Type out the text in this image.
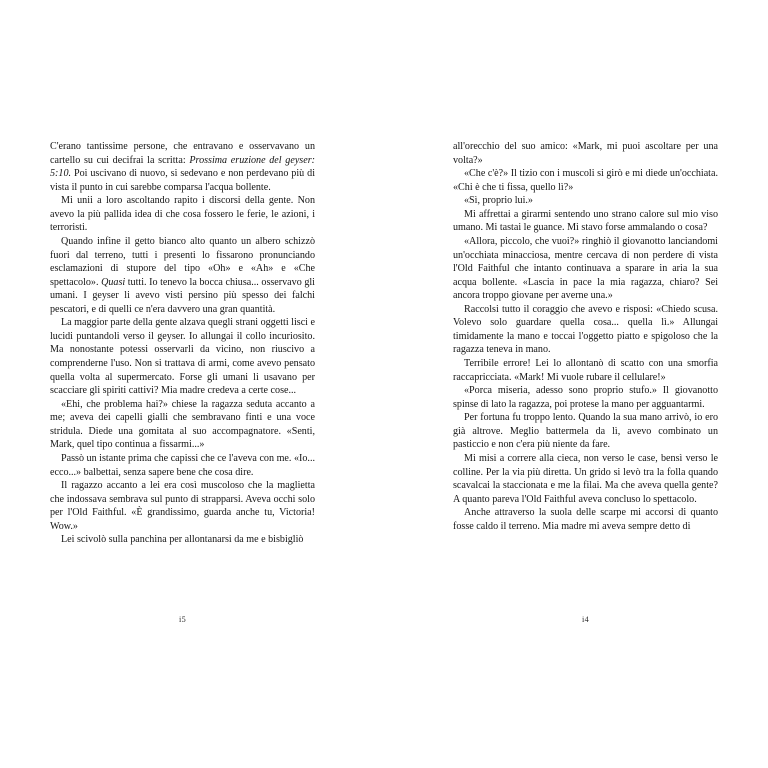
C'erano tantissime persone, che entravano e osservavano un cartello su cui decifrai la scritta: Prossima eruzione del geyser: 5:10. Poi uscivano di nuovo, si sedevano e non perdevano più di vista il punto in cui sarebbe comparsa l'acqua bollente.

Mi unii a loro ascoltando rapito i discorsi della gente. Non avevo la più pallida idea di che cosa fossero le ferie, le azioni, i terroristi.

Quando infine il getto bianco alto quanto un albero schizzò fuori dal terreno, tutti i presenti lo fissarono pronunciando esclamazioni di stupore del tipo «Oh» e «Ah» e «Che spettacolo». Quasi tutti. Io tenevo la bocca chiusa... osservavo gli umani. I geyser li avevo visti persino più spesso dei falchi pescatori, e di quelli ce n'era davvero una gran quantità.

La maggior parte della gente alzava quegli strani oggetti lisci e lucidi puntandoli verso il geyser. Io allungai il collo incuriosito. Ma nonostante potessi osservarli da vicino, non riuscivo a comprenderne l'uso. Non si trattava di armi, come avevo pensato quella volta al supermercato. Forse gli umani li usavano per scacciare gli spiriti cattivi? Mia madre credeva a certe cose...

«Ehi, che problema hai?» chiese la ragazza seduta accanto a me; aveva dei capelli gialli che sembravano finti e una voce stridula. Diede una gomitata al suo accompagnatore. «Senti, Mark, quel tipo continua a fissarmi...»

Passò un istante prima che capissi che ce l'aveva con me. «Io... ecco...» balbettai, senza sapere bene che cosa dire.

Il ragazzo accanto a lei era così muscoloso che la maglietta che indossava sembrava sul punto di strapparsi. Aveva occhi solo per l'Old Faithful. «È grandissimo, guarda anche tu, Victoria! Wow.»

Lei scivolò sulla panchina per allontanarsi da me e bisbigliò

i5

all'orecchio del suo amico: «Mark, mi puoi ascoltare per una volta?»

«Che c'è?» Il tizio con i muscoli si girò e mi diede un'occhiata. «Chi è che ti fissa, quello lì?»

«Sì, proprio lui.»

Mi affrettai a girarmi sentendo uno strano calore sul mio viso umano. Mi tastai le guance. Mi stavo forse ammalando o cosa?

«Allora, piccolo, che vuoi?» ringhiò il giovanotto lanciandomi un'occhiata minacciosa, mentre cercava di non perdere di vista l'Old Faithful che intanto continuava a sparare in aria la sua acqua bollente. «Lascia in pace la mia ragazza, chiaro? Sei ancora troppo giovane per averne una.»

Raccolsi tutto il coraggio che avevo e risposi: «Chiedo scusa. Volevo solo guardare quella cosa... quella lì.» Allungai timidamente la mano e toccai l'oggetto piatto e spigoloso che la ragazza teneva in mano.

Terribile errore! Lei lo allontanò di scatto con una smorfia raccapricciata. «Mark! Mi vuole rubare il cellulare!»

«Porca miseria, adesso sono proprio stufo.» Il giovanotto spinse di lato la ragazza, poi protese la mano per agguantarmi.

Per fortuna fu troppo lento. Quando la sua mano arrivò, io ero già altrove. Meglio battermela da lì, avevo combinato un pasticcio e non c'era più niente da fare.

Mi misi a correre alla cieca, non verso le case, bensì verso le colline. Per la via più diretta. Un grido si levò tra la folla quando scavalcai la staccionata e me la filai. Ma che aveva quella gente? A quanto pareva l'Old Faithful aveva concluso lo spettacolo.

Anche attraverso la suola delle scarpe mi accorsi di quanto fosse caldo il terreno. Mia madre mi aveva sempre detto di

i4
